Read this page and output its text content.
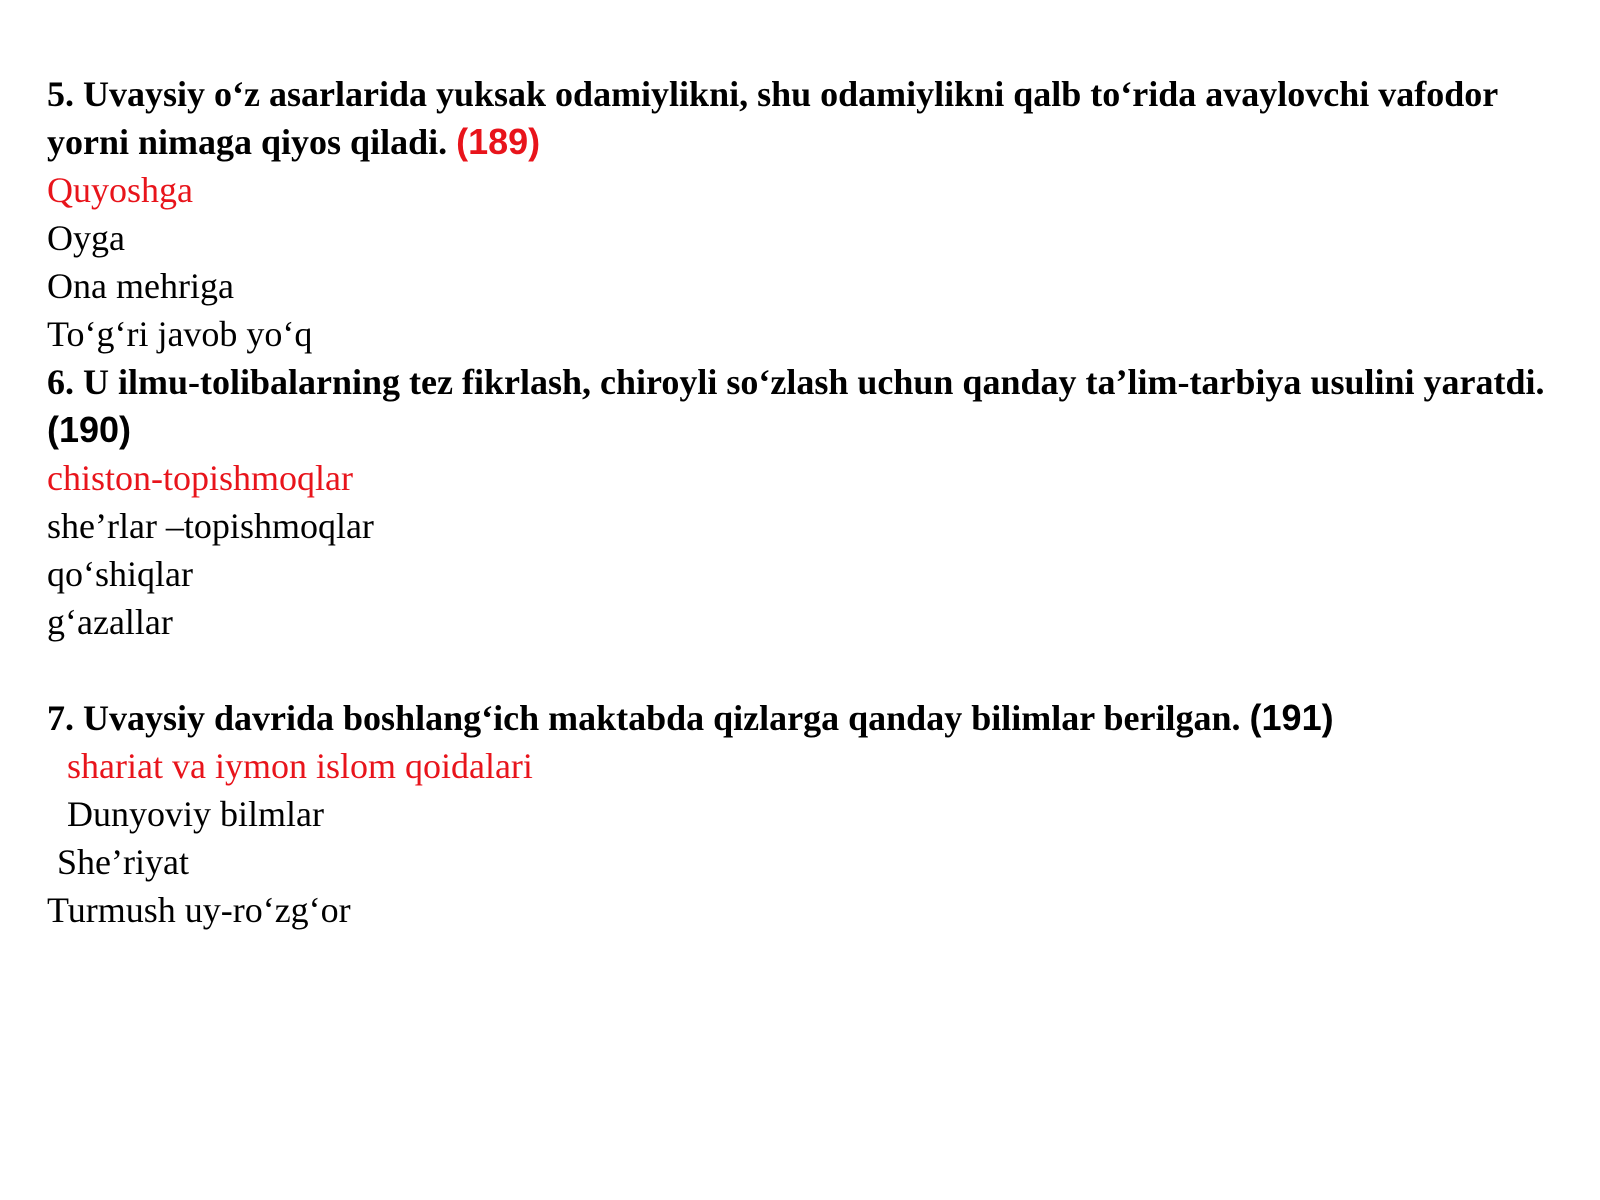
5. Uvaysiy o‘z asarlarida yuksak odamiylikni, shu odamiylikni qalb to‘rida avaylovchi vafodor yorni nimaga qiyos qiladi. (189)
Quyoshga
Oyga
Ona mehriga
To‘g‘ri javob yo‘q
6. U ilmu-tolibalarning tez fikrlash, chiroyli so‘zlash uchun qanday ta’lim-tarbiya usulini yaratdi. (190)
chiston-topishmoqlar
she’rlar –topishmoqlar
qo‘shiqlar
g‘azallar
7. Uvaysiy davrida boshlang‘ich maktabda qizlarga qanday bilimlar berilgan. (191)
shariat va iymon islom qoidalari
Dunyoviy bilmlar
She’riyat
Turmush uy-ro‘zg‘or
